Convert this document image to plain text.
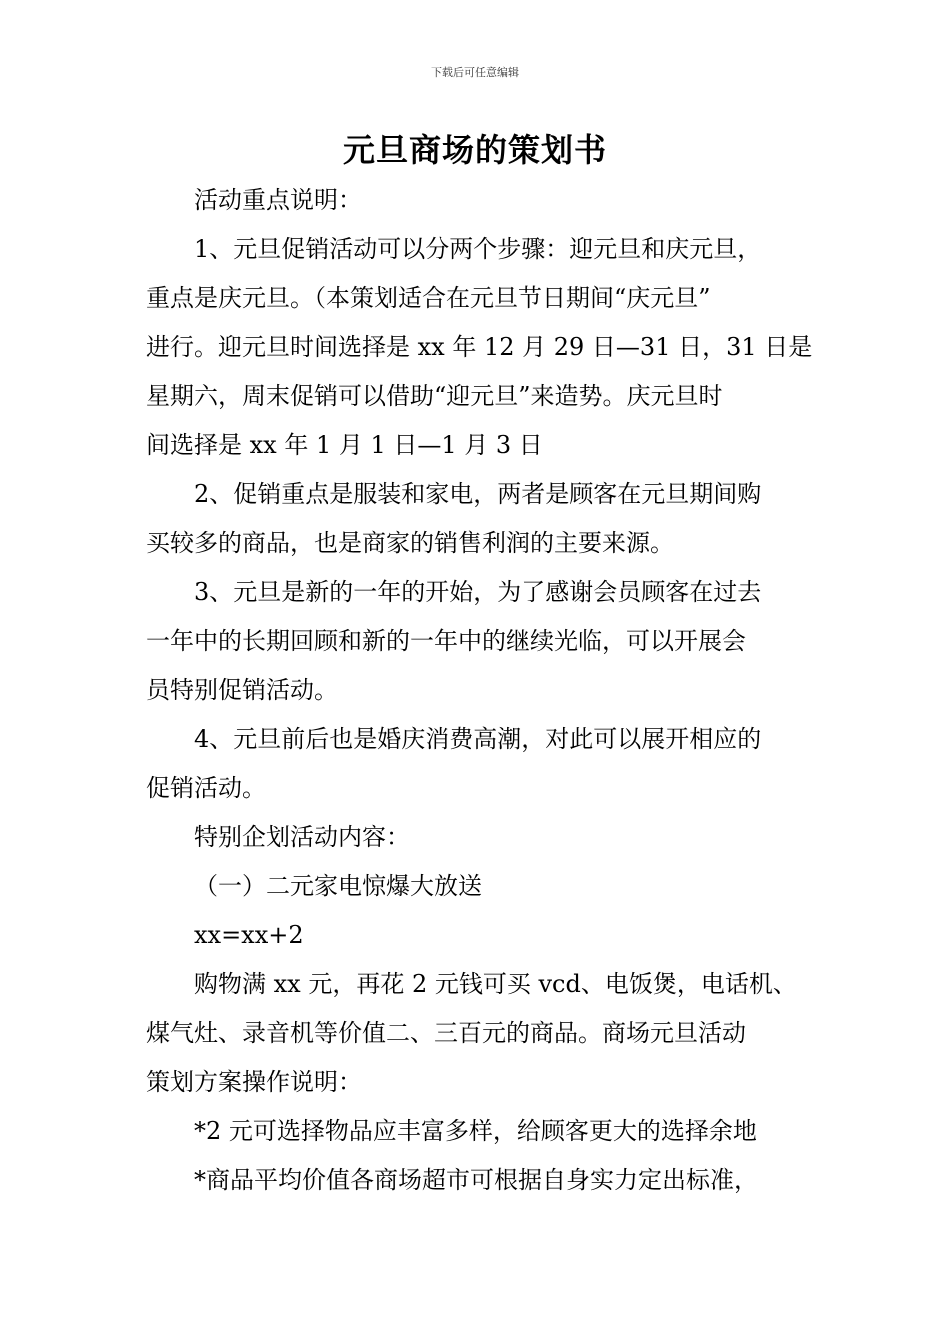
下载后可任意编辑
元旦商场的策划书
活动重点说明：
1、元旦促销活动可以分两个步骤：迎元旦和庆元旦，
重点是庆元旦。（本策划适合在元旦节日期间“庆元旦”
进行。迎元旦时间选择是 xx 年 12 月 29 日—31 日，31 日是
星期六，周末促销可以借助“迎元旦”来造势。庆元旦时
间选择是 xx 年 1 月 1 日—1 月 3 日
2、促销重点是服装和家电，两者是顾客在元旦期间购
买较多的商品，也是商家的销售利润的主要来源。
3、元旦是新的一年的开始，为了感谢会员顾客在过去
一年中的长期回顾和新的一年中的继续光临，可以开展会
员特别促销活动。
4、元旦前后也是婚庆消费高潮，对此可以展开相应的
促销活动。
特别企划活动内容：
（一）二元家电惊爆大放送
xx=xx+2
购物满 xx 元，再花 2 元钱可买 vcd、电饭煲，电话机、
煤气灶、录音机等价值二、三百元的商品。商场元旦活动
策划方案操作说明：
*2 元可选择物品应丰富多样，给顾客更大的选择余地
*商品平均价值各商场超市可根据自身实力定出标准，
